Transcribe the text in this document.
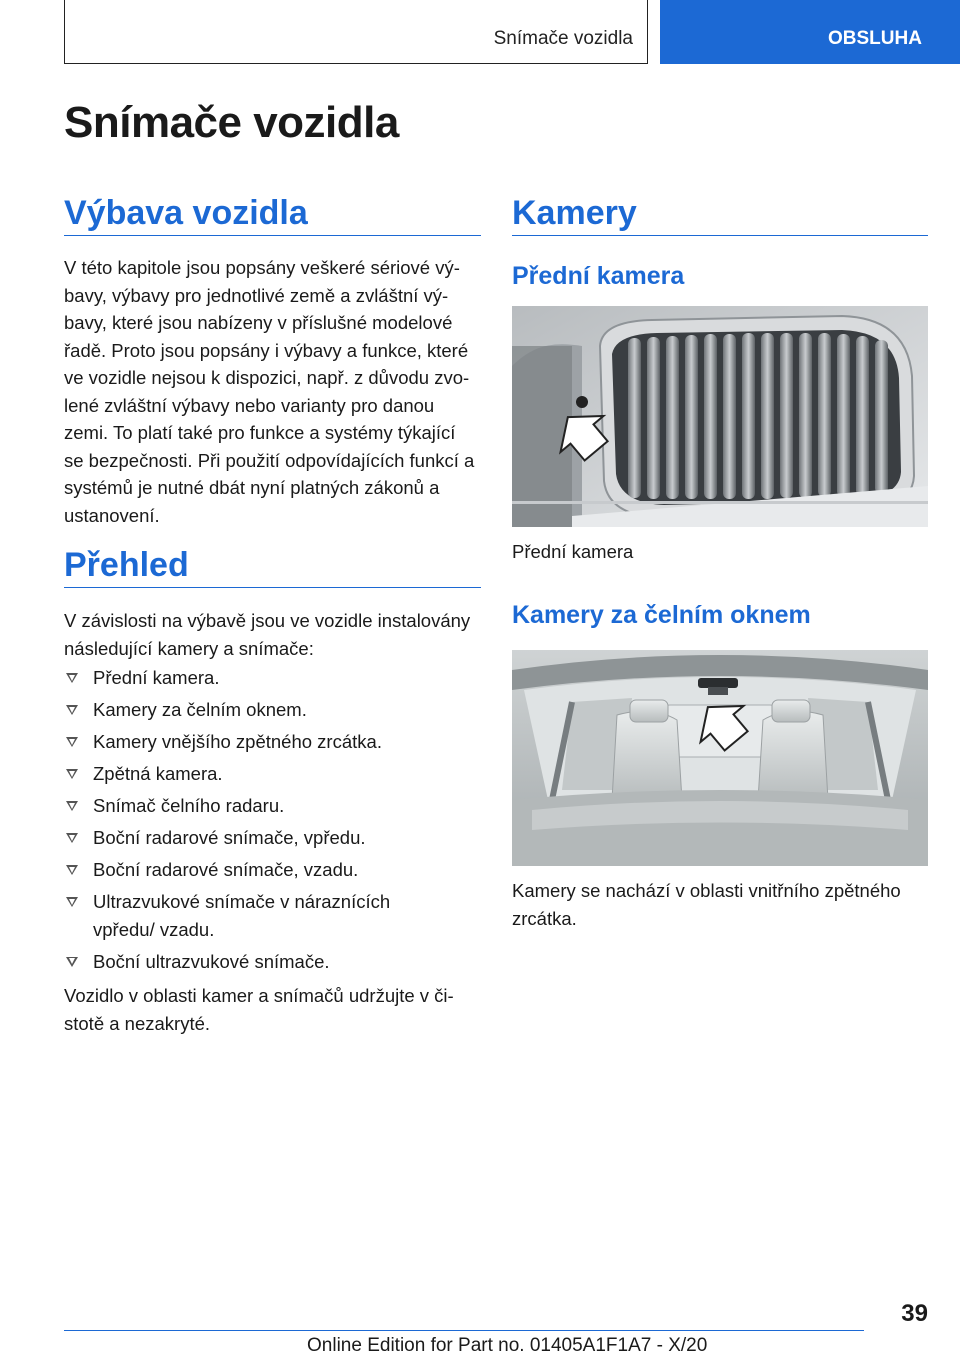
Snímače vozidla	OBSLUHA
Snímače vozidla
Výbava vozidla
V této kapitole jsou popsány veškeré sériové vý-
bavy, výbavy pro jednotlivé země a zvláštní vý-
bavy, které jsou nabízeny v příslušné modelové
řadě. Proto jsou popsány i výbavy a funkce, které
ve vozidle nejsou k dispozici, např. z důvodu zvo-
lené zvláštní výbavy nebo varianty pro danou
zemi. To platí také pro funkce a systémy týkající
se bezpečnosti. Při použití odpovídajících funkcí a
systémů je nutné dbát nyní platných zákonů a
ustanovení.
Přehled
V závislosti na výbavě jsou ve vozidle instalovány
následující kamery a snímače:
Přední kamera.
Kamery za čelním oknem.
Kamery vnějšího zpětného zrcátka.
Zpětná kamera.
Snímač čelního radaru.
Boční radarové snímače, vpředu.
Boční radarové snímače, vzadu.
Ultrazvukové snímače v náraznících vpředu/ vzadu.
Boční ultrazvukové snímače.
Vozidlo v oblasti kamer a snímačů udržujte v či-
stotě a nezakryté.
Kamery
Přední kamera

Přední kamera

Kamery za čelním oknem
Kamery se nachází v oblasti vnitřního zpětného
zrcátka.
39
Online Edition for Part no. 01405A1F1A7 - X/20
